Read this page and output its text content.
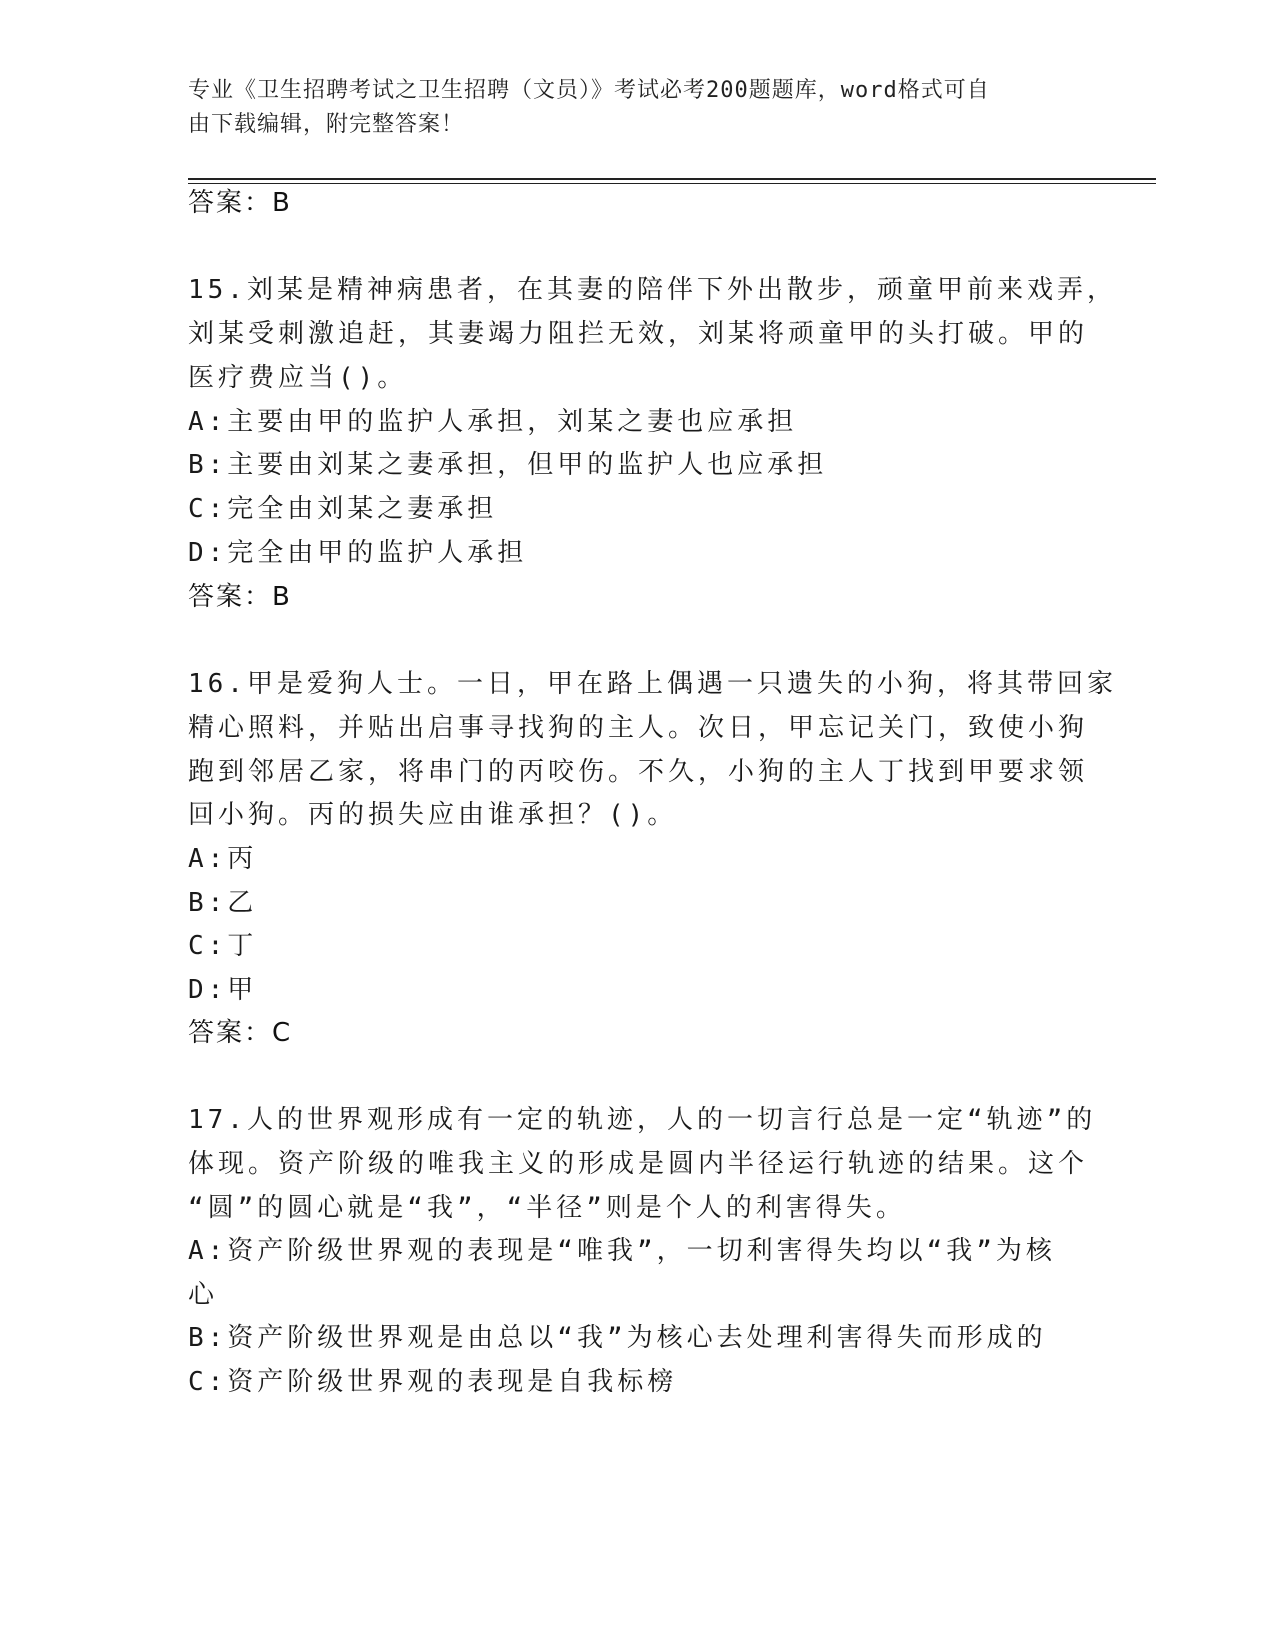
专业《卫生招聘考试之卫生招聘（文员）》考试必考200题题库，word格式可自
由下载编辑，附完整答案！
答案：B
15.刘某是精神病患者，在其妻的陪伴下外出散步，顽童甲前来戏弄，
刘某受刺激追赶，其妻竭力阻拦无效，刘某将顽童甲的头打破。甲的
医疗费应当()。
A:主要由甲的监护人承担，刘某之妻也应承担
B:主要由刘某之妻承担，但甲的监护人也应承担
C:完全由刘某之妻承担
D:完全由甲的监护人承担
答案：B
16.甲是爱狗人士。一日，甲在路上偶遇一只遗失的小狗，将其带回家
精心照料，并贴出启事寻找狗的主人。次日，甲忘记关门，致使小狗
跑到邻居乙家，将串门的丙咬伤。不久，小狗的主人丁找到甲要求领
回小狗。丙的损失应由谁承担？()。
A:丙
B:乙
C:丁
D:甲
答案：C
17.人的世界观形成有一定的轨迹，人的一切言行总是一定“轨迹”的
体现。资产阶级的唯我主义的形成是圆内半径运行轨迹的结果。这个
“圆”的圆心就是“我”，“半径”则是个人的利害得失。
A:资产阶级世界观的表现是“唯我”，一切利害得失均以“我”为核
心
B:资产阶级世界观是由总以“我”为核心去处理利害得失而形成的
C:资产阶级世界观的表现是自我标榜
